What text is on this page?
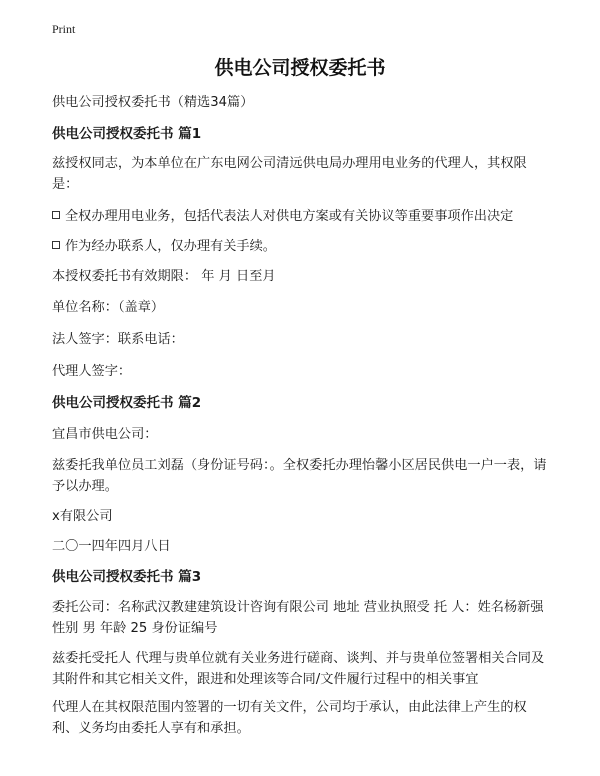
Print
供电公司授权委托书
供电公司授权委托书（精选34篇）
供电公司授权委托书 篇1
兹授权同志，为本单位在广东电网公司清远供电局办理用电业务的代理人，其权限是：
全权办理用电业务，包括代表法人对供电方案或有关协议等重要事项作出决定
作为经办联系人，仅办理有关手续。
本授权委托书有效期限： 年 月 日至月
单位名称：（盖章）
法人签字：联系电话：
代理人签字：
供电公司授权委托书 篇2
宜昌市供电公司：
兹委托我单位员工刘磊（身份证号码：。全权委托办理怡馨小区居民供电一户一表，请予以办理。
x有限公司
二〇一四年四月八日
供电公司授权委托书 篇3
委托公司：名称武汉教建建筑设计咨询有限公司 地址 营业执照受 托 人：姓名杨新强性别 男 年龄 25 身份证编号
兹委托受托人 代理与贵单位就有关业务进行磋商、谈判、并与贵单位签署相关合同及其附件和其它相关文件，跟进和处理该等合同/文件履行过程中的相关事宜
代理人在其权限范围内签署的一切有关文件，公司均于承认，由此法律上产生的权利、义务均由委托人享有和承担。
